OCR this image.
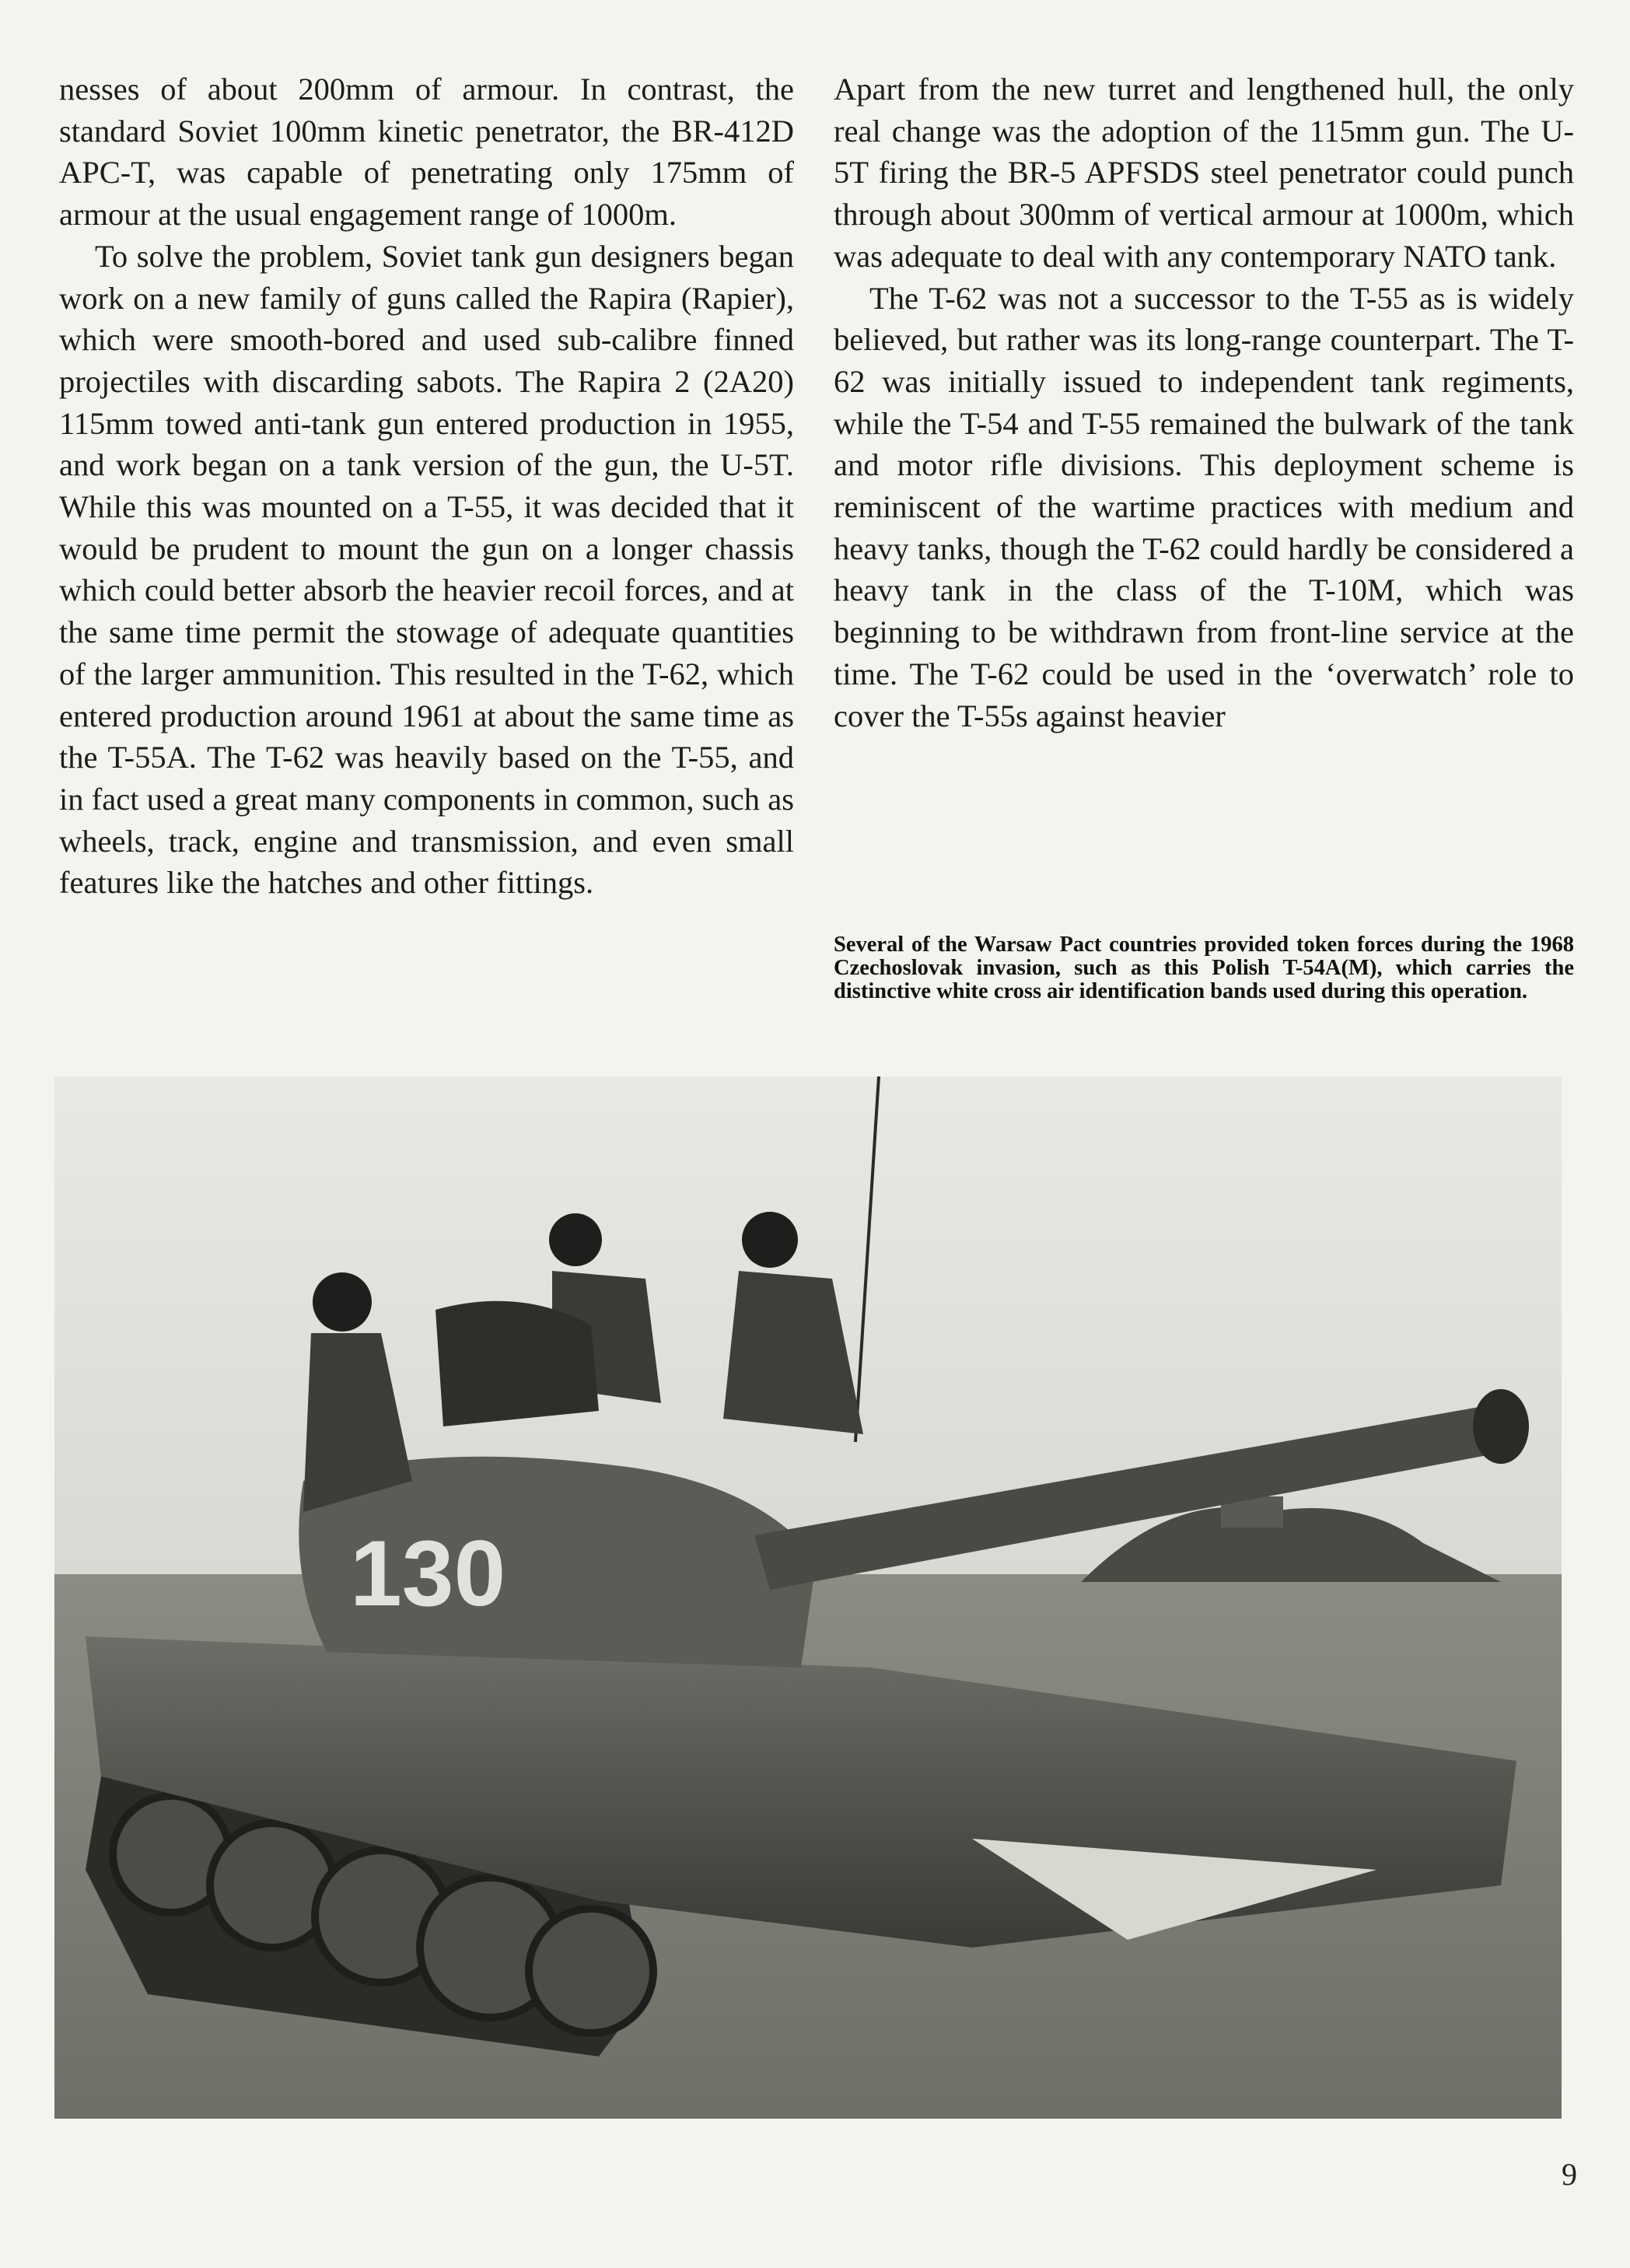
nesses of about 200mm of armour. In contrast, the standard Soviet 100mm kinetic penetrator, the BR-412D APC-T, was capable of penetrating only 175mm of armour at the usual engagement range of 1000m.

To solve the problem, Soviet tank gun designers began work on a new family of guns called the Rapira (Rapier), which were smooth-bored and used sub-calibre finned projectiles with discarding sabots. The Rapira 2 (2A20) 115mm towed anti-tank gun entered production in 1955, and work began on a tank version of the gun, the U-5T. While this was mounted on a T-55, it was decided that it would be prudent to mount the gun on a longer chassis which could better absorb the heavier recoil forces, and at the same time permit the stowage of adequate quantities of the larger ammunition. This resulted in the T-62, which entered production around 1961 at about the same time as the T-55A. The T-62 was heavily based on the T-55, and in fact used a great many components in common, such as wheels, track, engine and transmission, and even small features like the hatches and other fittings.

Apart from the new turret and lengthened hull, the only real change was the adoption of the 115mm gun. The U-5T firing the BR-5 APFSDS steel penetrator could punch through about 300mm of vertical armour at 1000m, which was adequate to deal with any contemporary NATO tank.

The T-62 was not a successor to the T-55 as is widely believed, but rather was its long-range counterpart. The T-62 was initially issued to independent tank regiments, while the T-54 and T-55 remained the bulwark of the tank and motor rifle divisions. This deployment scheme is reminiscent of the wartime practices with medium and heavy tanks, though the T-62 could hardly be considered a heavy tank in the class of the T-10M, which was beginning to be withdrawn from front-line service at the time. The T-62 could be used in the ‘overwatch’ role to cover the T-55s against heavier

Several of the Warsaw Pact countries provided token forces during the 1968 Czechoslovak invasion, such as this Polish T-54A(M), which carries the distinctive white cross air identification bands used during this operation.
130
9
